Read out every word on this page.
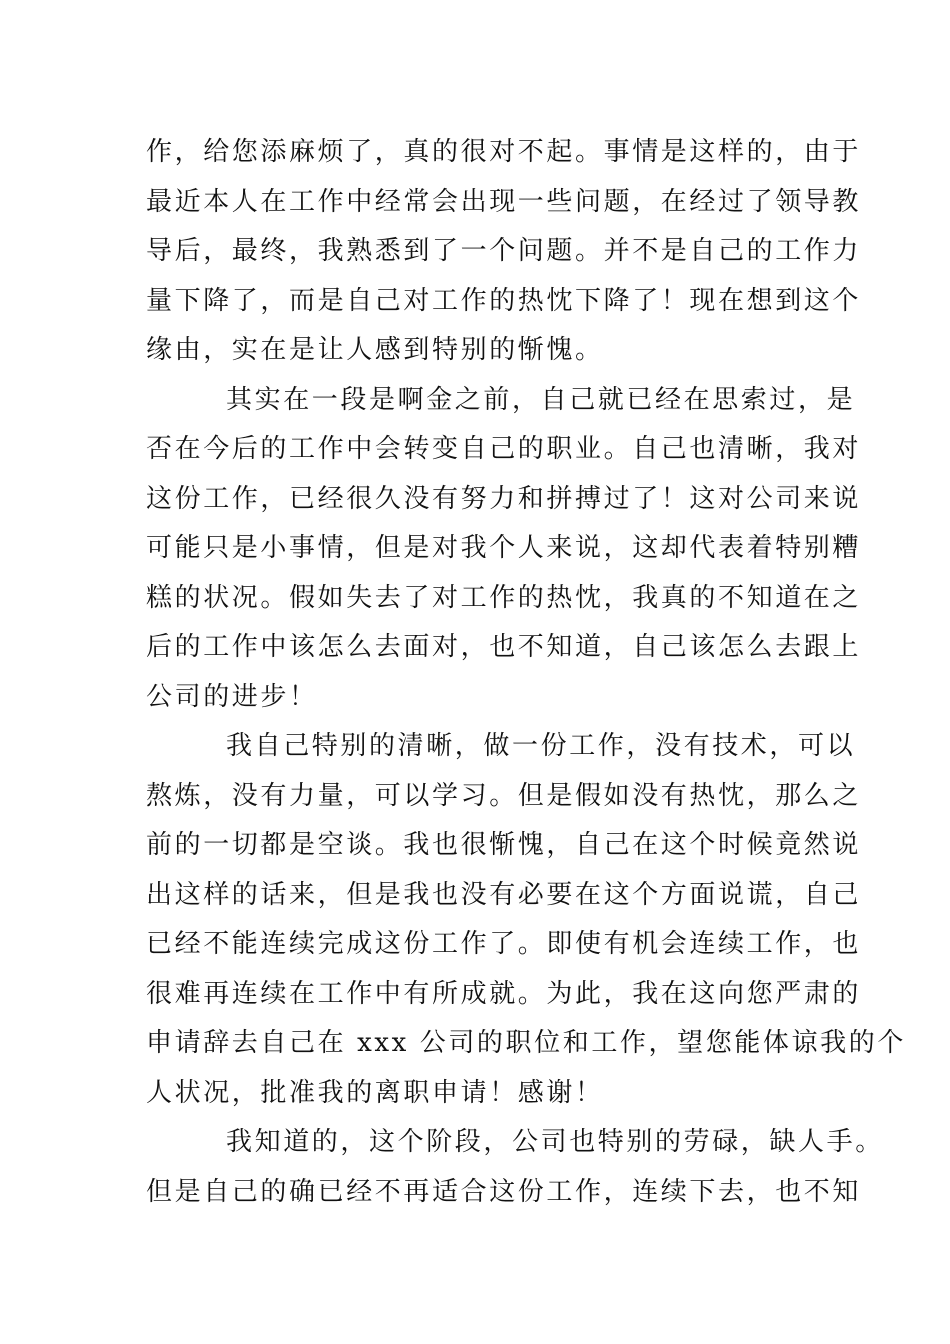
作，给您添麻烦了，真的很对不起。事情是这样的，由于
最近本人在工作中经常会出现一些问题，在经过了领导教
导后，最终，我熟悉到了一个问题。并不是自己的工作力
量下降了，而是自己对工作的热忱下降了！现在想到这个
缘由，实在是让人感到特别的惭愧。
其实在一段是啊金之前，自己就已经在思索过，是
否在今后的工作中会转变自己的职业。自己也清晰，我对
这份工作，已经很久没有努力和拼搏过了！这对公司来说
可能只是小事情，但是对我个人来说，这却代表着特别糟
糕的状况。假如失去了对工作的热忱，我真的不知道在之
后的工作中该怎么去面对，也不知道，自己该怎么去跟上
公司的进步！
我自己特别的清晰，做一份工作，没有技术，可以
熬炼，没有力量，可以学习。但是假如没有热忱，那么之
前的一切都是空谈。我也很惭愧，自己在这个时候竟然说
出这样的话来，但是我也没有必要在这个方面说谎，自己
已经不能连续完成这份工作了。即使有机会连续工作，也
很难再连续在工作中有所成就。为此，我在这向您严肃的
申请辞去自己在 xxx 公司的职位和工作，望您能体谅我的个
人状况，批准我的离职申请！感谢！
我知道的，这个阶段，公司也特别的劳碌，缺人手。
但是自己的确已经不再适合这份工作，连续下去，也不知
